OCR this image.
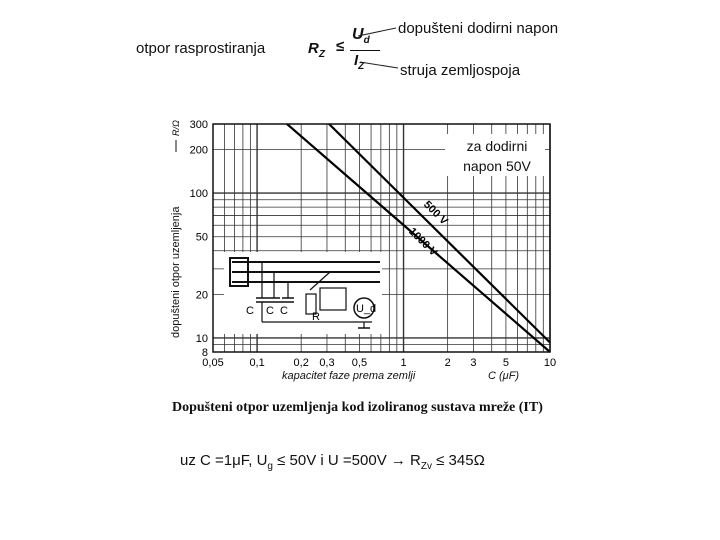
otpor rasprostiranja
dopušteni dodirni napon
struja zemljospoja
$R_Z$ ≤
$U_d$
$I_Z$
dopušteni otpor uzemljenja	500 V
1000 V
0,05 0,1	0,2 0,3 0,5	1	2 3 5	10
8
10
20
50
100
200
300
R/Ω
C C C R
U_d
za dodirni napon 50V
kapacitet faze prema zemlji	C (μF)
Dopušteni otpor uzemljenja kod izoliranog sustava mreže (IT)
uz C =1μF, $U_g \le 50V$ i $U =500V \to R_{Zv} \le 345\Omega$
